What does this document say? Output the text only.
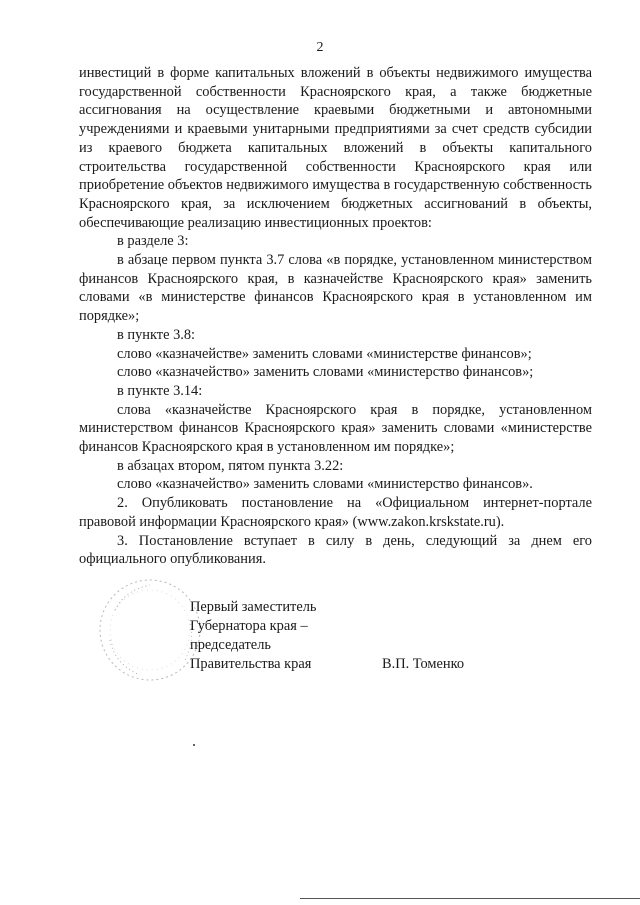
2

инвестиций в форме капитальных вложений в объекты недвижимого имущества государственной собственности Красноярского края, а также бюджетные ассигнования на осуществление краевыми бюджетными и автономными учреждениями и краевыми унитарными предприятиями за счет средств субсидии из краевого бюджета капитальных вложений в объекты капитального строительства государственной собственности Красноярского края или приобретение объектов недвижимого имущества в государственную собственность Красноярского края, за исключением бюджетных ассигнований в объекты, обеспечивающие реализацию инвестиционных проектов:

в разделе 3:

в абзаце первом пункта 3.7 слова «в порядке, установленном министерством финансов Красноярского края, в казначействе Красноярского края» заменить словами «в министерстве финансов Красноярского края в установленном им порядке»;

в пункте 3.8:

слово «казначействе» заменить словами «министерстве финансов»;

слово «казначейство» заменить словами «министерство финансов»;

в пункте 3.14:

слова «казначействе Красноярского края в порядке, установленном министерством финансов Красноярского края» заменить словами «министерстве финансов Красноярского края в установленном им порядке»;

в абзацах втором, пятом пункта 3.22:

слово «казначейство» заменить словами «министерство финансов».

2. Опубликовать постановление на «Официальном интернет-портале правовой информации Красноярского края» (www.zakon.krskstate.ru).

3. Постановление вступает в силу в день, следующий за днем его официального опубликования.

Первый заместитель
Губернатора края –
председатель
Правительства края	В.П. Томенко
